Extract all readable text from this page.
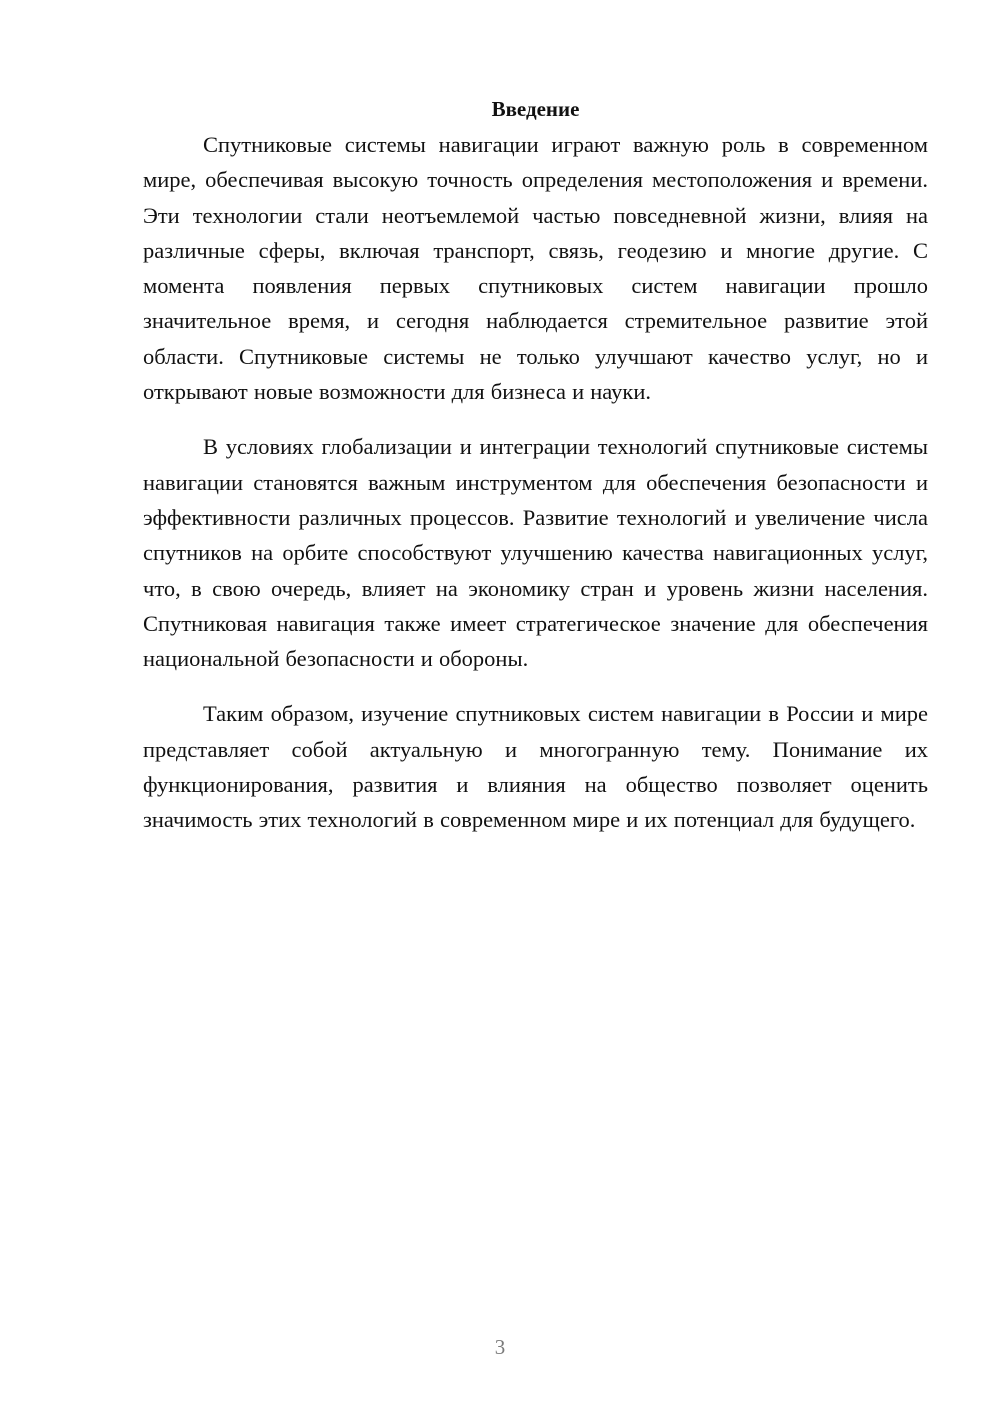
Введение

Спутниковые системы навигации играют важную роль в современном мире, обеспечивая высокую точность определения местоположения и времени. Эти технологии стали неотъемлемой частью повседневной жизни, влияя на различные сферы, включая транспорт, связь, геодезию и многие другие. С момента появления первых спутниковых систем навигации прошло значительное время, и сегодня наблюдается стремительное развитие этой области. Спутниковые системы не только улучшают качество услуг, но и открывают новые возможности для бизнеса и науки.

В условиях глобализации и интеграции технологий спутниковые системы навигации становятся важным инструментом для обеспечения безопасности и эффективности различных процессов. Развитие технологий и увеличение числа спутников на орбите способствуют улучшению качества навигационных услуг, что, в свою очередь, влияет на экономику стран и уровень жизни населения. Спутниковая навигация также имеет стратегическое значение для обеспечения национальной безопасности и обороны.

Таким образом, изучение спутниковых систем навигации в России и мире представляет собой актуальную и многогранную тему. Понимание их функционирования, развития и влияния на общество позволяет оценить значимость этих технологий в современном мире и их потенциал для будущего.

3
